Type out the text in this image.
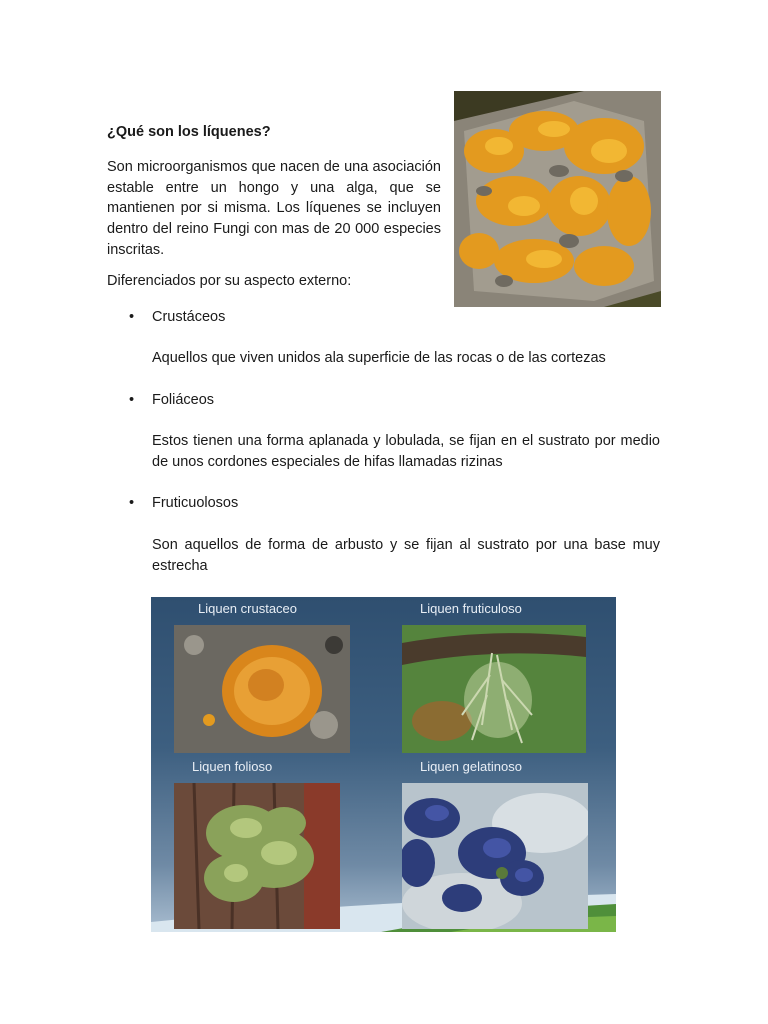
¿Qué son los líquenes?

Son microorganismos que nacen de una asociación estable entre un hongo y una alga, que se mantienen por si misma. Los líquenes se incluyen dentro del reino Fungi con mas de 20 000 especies inscritas.

Diferenciados por su aspecto externo:

•	Crustáceos

Aquellos que viven unidos ala superficie de las rocas o de las cortezas

•	Foliáceos

Estos tienen una forma aplanada y lobulada, se fijan en el sustrato por medio de unos cordones especiales de hifas llamadas rizinas

•	Fruticuolosos

Son aquellos de forma de arbusto y se fijan al sustrato por una base muy estrecha

Liquen crustaceo	Liquen fruticuloso
Liquen folioso	Liquen gelatinoso
